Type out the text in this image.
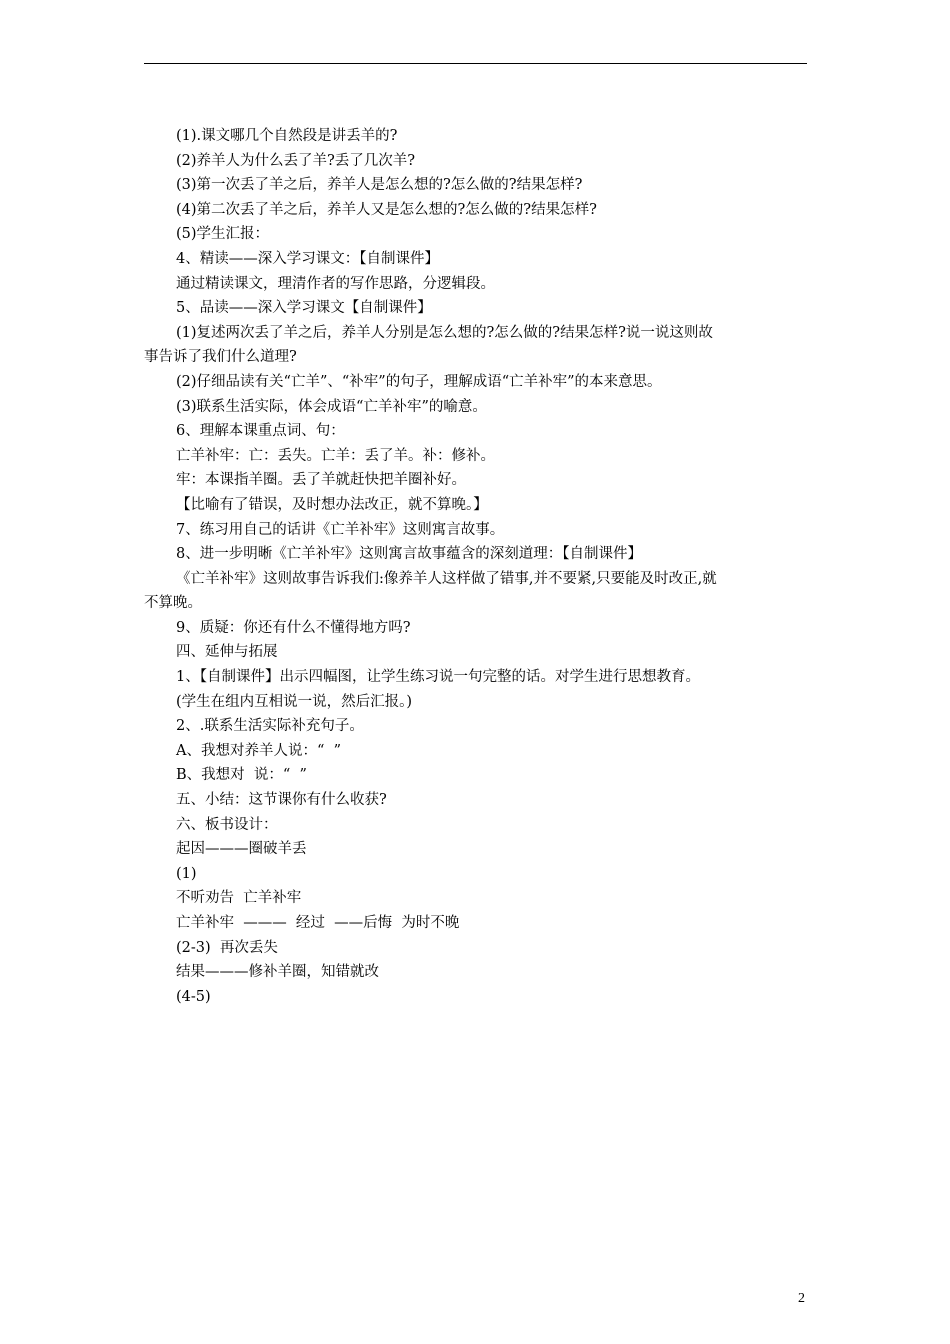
(1).课文哪几个自然段是讲丢羊的?
(2)养羊人为什么丢了羊?丢了几次羊?
(3)第一次丢了羊之后，养羊人是怎么想的?怎么做的?结果怎样?
(4)第二次丢了羊之后，养羊人又是怎么想的?怎么做的?结果怎样?
(5)学生汇报：
4、精读——深入学习课文：【自制课件】
通过精读课文，理清作者的写作思路，分逻辑段。
5、品读——深入学习课文【自制课件】
(1)复述两次丢了羊之后，养羊人分别是怎么想的?怎么做的?结果怎样?说一说这则故
事告诉了我们什么道理?
(2)仔细品读有关“亡羊”、“补牢”的句子，理解成语“亡羊补牢”的本来意思。
(3)联系生活实际，体会成语“亡羊补牢”的喻意。
6、理解本课重点词、句：
亡羊补牢：亡：丢失。亡羊：丢了羊。补：修补。
牢：本课指羊圈。丢了羊就赶快把羊圈补好。
【比喻有了错误，及时想办法改正，就不算晚。】
7、练习用自己的话讲《亡羊补牢》这则寓言故事。
8、进一步明晰《亡羊补牢》这则寓言故事蕴含的深刻道理：【自制课件】
《亡羊补牢》这则故事告诉我们:像养羊人这样做了错事,并不要紧,只要能及时改正,就
不算晚。
9、质疑：你还有什么不懂得地方吗?
四、延伸与拓展
1、【自制课件】出示四幅图，让学生练习说一句完整的话。对学生进行思想教育。
(学生在组内互相说一说，然后汇报。)
2、.联系生活实际补充句子。
A、我想对养羊人说：“  ”
B、我想对  说：“  ”
五、小结：这节课你有什么收获?
六、板书设计：
起因———圈破羊丢
(1)
不听劝告  亡羊补牢
亡羊补牢  ———  经过  ——后悔  为时不晚
(2-3)  再次丢失
结果———修补羊圈，知错就改
(4-5)
2
